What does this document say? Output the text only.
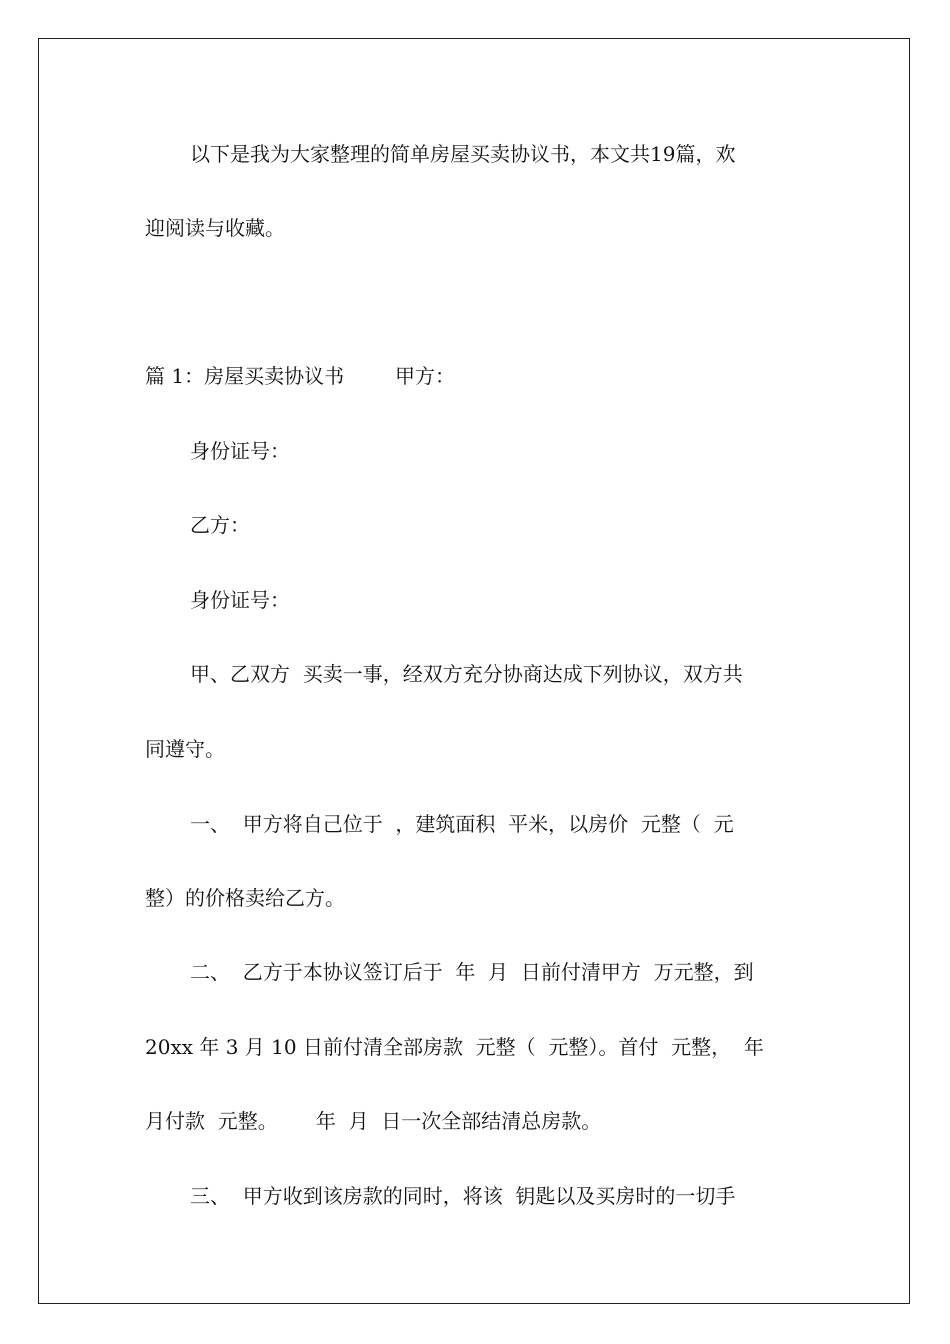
以下是我为大家整理的简单房屋买卖协议书，本文共19篇，欢
迎阅读与收藏。
篇 1：房屋买卖协议书        甲方：
身份证号：
乙方：
身份证号：
甲、乙双方  买卖一事，经双方充分协商达成下列协议，双方共
同遵守。
一、  甲方将自己位于  ，建筑面积  平米，以房价  元整（  元
整）的价格卖给乙方。
二、  乙方于本协议签订后于  年  月  日前付清甲方  万元整，到
20xx 年 3 月 10 日前付清全部房款  元整（  元整）。首付  元整，  年
月付款  元整。      年  月  日一次全部结清总房款。
三、  甲方收到该房款的同时，将该  钥匙以及买房时的一切手
